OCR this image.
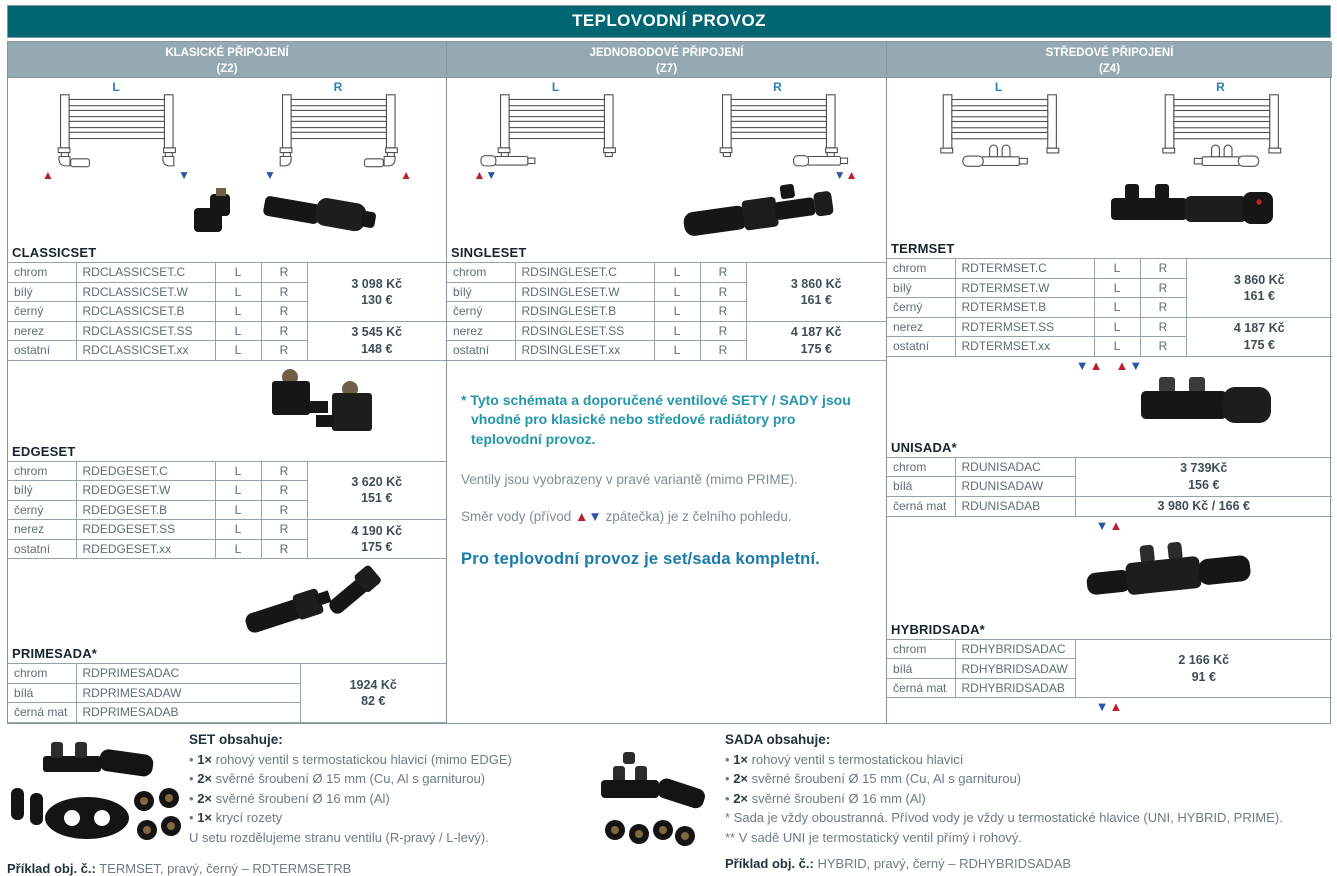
TEPLOVODNÍ PROVOZ
KLASICKÉ PŘIPOJENÍ
(Z2)
L
▲	▼
R
▼	▲
CLASSICSET
chrom	RDCLASSICSET.C	L	R	3 098 Kč
130 €

bílý	RDCLASSICSET.W	L	R	
černý	RDCLASSICSET.B	L	R	
nerez	RDCLASSICSET.SS	L	R	3 545 Kč
148 €

ostatní	RDCLASSICSET.xx	L	R	
EDGESET
chrom	RDEDGESET.C	L	R	3 620 Kč
151 €

bílý	RDEDGESET.W	L	R	
černý	RDEDGESET.B	L	R	
nerez	RDEDGESET.SS	L	R	4 190 Kč
175 €

ostatní	RDEDGESET.xx	L	R	
PRIMESADA*
chrom	RDPRIMESADAC	1924 Kč
82 €

bílá	RDPRIMESADAW	
černá mat	RDPRIMESADAB	
JEDNOBODOVÉ PŘIPOJENÍ
(Z7)
L
▲ ▼
R
▼ ▲
SINGLESET
chrom	RDSINGLESET.C	L	R	3 860 Kč
161 €

bílý	RDSINGLESET.W	L	R	
černý	RDSINGLESET.B	L	R	
nerez	RDSINGLESET.SS	L	R	4 187 Kč
175 €

ostatní	RDSINGLESET.xx	L	R	
* Tyto schémata a doporučené ventilové SETY / SADY jsou vhodné pro klasické nebo středové radiátory pro teplovodní provoz.
Ventily jsou vyobrazeny v pravé variantě (mimo PRIME).
Směr vody (přívod ▲▼ zpátečka) je z čelního pohledu.
Pro teplovodní provoz je set/sada kompletní.
STŘEDOVÉ PŘIPOJENÍ
(Z4)
L	R
TERMSET
chrom	RDTERMSET.C	L	R	3 860 Kč
161 €

bílý	RDTERMSET.W	L	R	
černý	RDTERMSET.B	L	R	
nerez	RDTERMSET.SS	L	R	4 187 Kč
175 €

ostatní	RDTERMSET.xx	L	R	
▼▲ ▲▼
UNISADA*
chrom	RDUNISADAC	3 739Kč
156 €

bílá	RDUNISADAW	
černá mat	RDUNISADAB	3 980 Kč / 166 €
▼▲
HYBRIDSADA*
chrom	RDHYBRIDSADAC	2 166 Kč
91 €

bílá	RDHYBRIDSADAW	
černá mat	RDHYBRIDSADAB	
▼▲
SET obsahuje:
• 1× rohový ventil s termostatickou hlavicí (mimo EDGE)
• 2× svěrné šroubení Ø 15 mm (Cu, Al s garniturou)
• 2× svěrné šroubení Ø 16 mm (Al)
• 1× krycí rozety
U setu rozdělujeme stranu ventilu (R-pravý / L-levý).
Příklad obj. č.: TERMSET, pravý, černý – RDTERMSETRB
SADA obsahuje:
• 1× rohový ventil s termostatickou hlavicí
• 2× svěrné šroubení Ø 15 mm (Cu, Al s garniturou)
• 2× svěrné šroubení Ø 16 mm (Al)
* Sada je vždy oboustranná. Přívod vody je vždy u termostatické hlavice (UNI, HYBRID, PRIME).
** V sadě UNI je termostatický ventil přímý i rohový.
Příklad obj. č.: HYBRID, pravý, černý – RDHYBRIDSADAB
